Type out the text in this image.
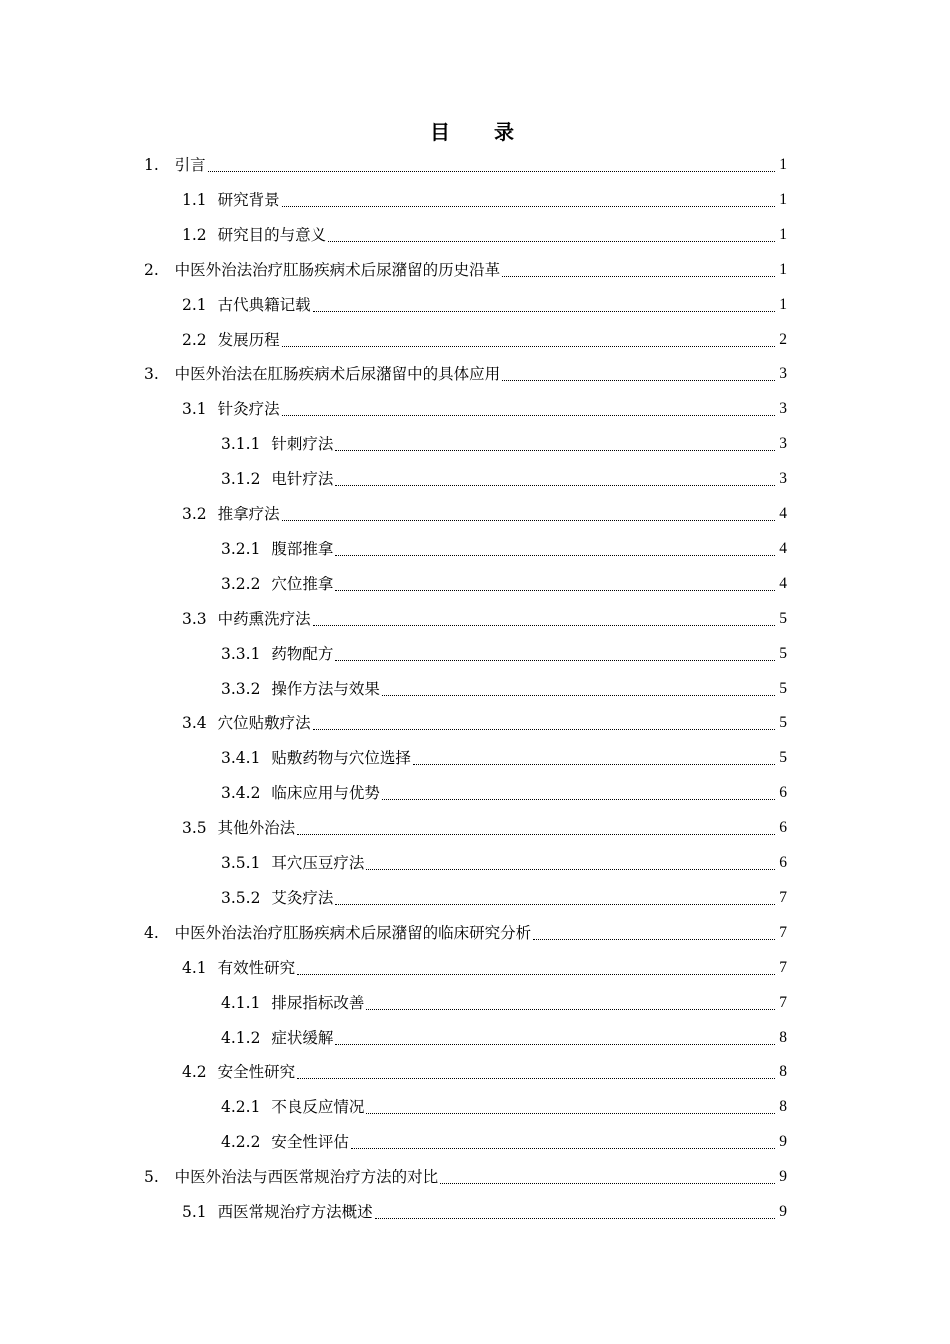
目　录
1. 引言	1
1.1 研究背景	1
1.2 研究目的与意义	1
2. 中医外治法治疗肛肠疾病术后尿潴留的历史沿革	1
2.1 古代典籍记载	1
2.2 发展历程	2
3. 中医外治法在肛肠疾病术后尿潴留中的具体应用	3
3.1 针灸疗法	3
3.1.1 针刺疗法	3
3.1.2 电针疗法	3
3.2 推拿疗法	4
3.2.1 腹部推拿	4
3.2.2 穴位推拿	4
3.3 中药熏洗疗法	5
3.3.1 药物配方	5
3.3.2 操作方法与效果	5
3.4 穴位贴敷疗法	5
3.4.1 贴敷药物与穴位选择	5
3.4.2 临床应用与优势	6
3.5 其他外治法	6
3.5.1 耳穴压豆疗法	6
3.5.2 艾灸疗法	7
4. 中医外治法治疗肛肠疾病术后尿潴留的临床研究分析	7
4.1 有效性研究	7
4.1.1 排尿指标改善	7
4.1.2 症状缓解	8
4.2 安全性研究	8
4.2.1 不良反应情况	8
4.2.2 安全性评估	9
5. 中医外治法与西医常规治疗方法的对比	9
5.1 西医常规治疗方法概述	9
